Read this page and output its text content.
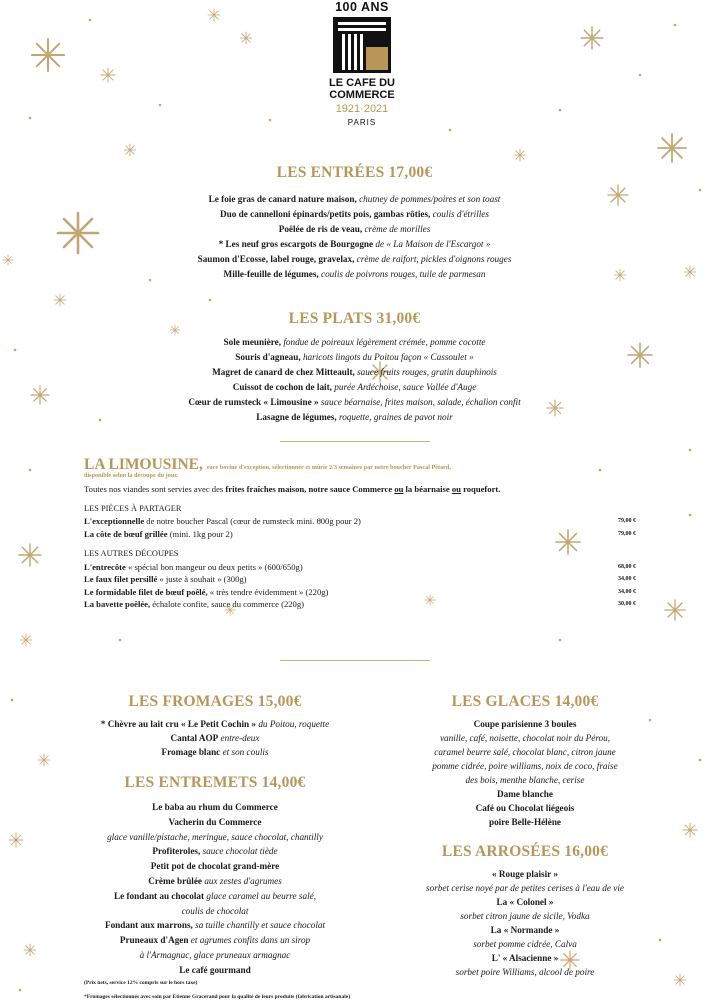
100 ANS
LE CAFE DU
COMMERCE
1921·2021
PARIS
LES ENTRÉES 17,00€
Le foie gras de canard nature maison, chutney de pommes/poires et son toast
Duo de cannelloni épinards/petits pois, gambas rôties, coulis d'étrilles
Poêlée de ris de veau, crème de morilles
* Les neuf gros escargots de Bourgogne de « La Maison de l'Escargot »
Saumon d'Ecosse, label rouge, gravelax, crème de raifort, pickles d'oignons rouges
Mille-feuille de légumes, coulis de poivrons rouges, tuile de parmesan
LES PLATS 31,00€
Sole meunière, fondue de poireaux légèrement crémée, pomme cocotte
Souris d'agneau, haricots lingots du Poitou façon « Cassoulet »
Magret de canard de chez Mitteault, sauce fruits rouges, gratin dauphinois
Cuissot de cochon de lait, purée Ardéchoise, sauce Vallée d'Auge
Cœur de rumsteck « Limousine » sauce béarnaise, frites maison, salade, échalion confit
Lasagne de légumes, roquette, graines de pavot noir
LA LIMOUSINE, race bovine d'exception, sélectionnée et mûrie 2/3 semaines par notre boucher Pascal Pétard,
disponible selon la découpe du jour.
Toutes nos viandes sont servies avec des frites fraîches maison, notre sauce Commerce ou la béarnaise ou roquefort.
LES PIÈCES À PARTAGER
L'exceptionnelle de notre boucher Pascal (cœur de rumsteck mini. 600g pour 2)	79,00 €
La côte de bœuf grillée (mini. 1kg pour 2)	79,00 €
LES AUTRES DÉCOUPES
L'entrecôte « spécial bon mangeur ou deux petits » (600/650g)	68,00 €
Le faux filet persillé « juste à souhait » (300g)	34,00 €
Le formidable filet de bœuf poêlé, « très tendre évidemment » (220g)	34,00 €
La bavette poêlée, échalote confite, sauce du commerce (220g)	30,00 €
LES FROMAGES 15,00€
* Chèvre au lait cru « Le Petit Cochin » du Poitou, roquette
Cantal AOP entre-deux
Fromage blanc et son coulis
LES ENTREMETS 14,00€
Le baba au rhum du Commerce
Vacherin du Commerce
glace vanille/pistache, meringue, sauce chocolat, chantilly
Profiteroles, sauce chocolat tiède
Petit pot de chocolat grand-mère
Crème brûlée aux zestes d'agrumes
Le fondant au chocolat glace caramel au beurre salé,
coulis de chocolat
Fondant aux marrons, sa tuille chantilly et sauce chocolat
Pruneaux d'Agen et agrumes confits dans un sirop
à l'Armagnac, glace pruneaux armagnac
Le café gourmand
LES GLACES 14,00€
Coupe parisienne 3 boules
vanille, café, noisette, chocolat noir du Pérou,
caramel beurre salé, chocolat blanc, citron jaune
pomme cidrée, poire williams, noix de coco, fraise
des bois, menthe blanche, cerise
Dame blanche
Café ou Chocolat liégeois
poire Belle-Hélène
LES ARROSÉES 16,00€
« Rouge plaisir »
sorbet cerise noyé par de petites cerises à l'eau de vie
La « Colonel »
sorbet citron jaune de sicile, Vodka
La « Normande »
sorbet pomme cidrée, Calva
L' « Alsacienne »
sorbet poire Williams, alcool de poire
(Prix nets, service 12% compris sur le hors taxe)
*Fromages sélectionnés avec soin par Etienne Gracerand pour la qualité de leurs produits (fabrication artisanale)
